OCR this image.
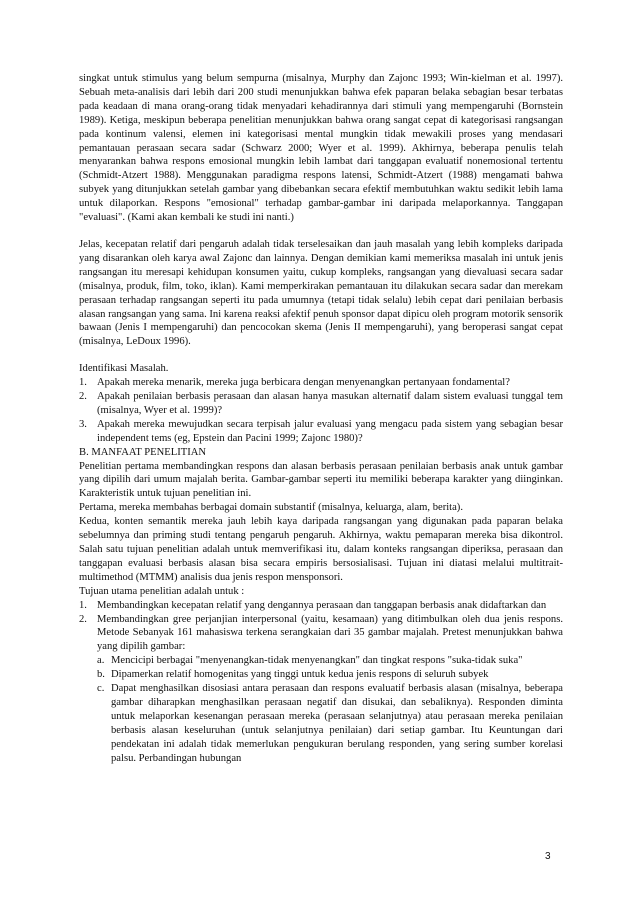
singkat untuk stimulus yang belum sempurna (misalnya, Murphy dan Zajonc 1993; Win-kielman et al. 1997). Sebuah meta-analisis dari lebih dari 200 studi menunjukkan bahwa efek paparan belaka sebagian besar terbatas pada keadaan di mana orang-orang tidak menyadari kehadirannya dari stimuli yang mempengaruhi (Bornstein 1989). Ketiga, meskipun beberapa penelitian menunjukkan bahwa orang sangat cepat di kategorisasi rangsangan pada kontinum valensi, elemen ini kategorisasi mental mungkin tidak mewakili proses yang mendasari pemantauan perasaan secara sadar (Schwarz 2000; Wyer et al. 1999). Akhirnya, beberapa penulis telah menyarankan bahwa respons emosional mungkin lebih lambat dari tanggapan evaluatif nonemosional tertentu (Schmidt-Atzert 1988). Menggunakan paradigma respons latensi, Schmidt-Atzert (1988) mengamati bahwa subyek yang ditunjukkan setelah gambar yang dibebankan secara efektif membutuhkan waktu sedikit lebih lama untuk dilaporkan. Respons "emosional" terhadap gambar-gambar ini daripada melaporkannya. Tanggapan "evaluasi". (Kami akan kembali ke studi ini nanti.)

Jelas, kecepatan relatif dari pengaruh adalah tidak terselesaikan dan jauh masalah yang lebih kompleks daripada yang disarankan oleh karya awal Zajonc dan lainnya. Dengan demikian kami memeriksa masalah ini untuk jenis rangsangan itu meresapi kehidupan konsumen yaitu, cukup kompleks, rangsangan yang dievaluasi secara sadar (misalnya, produk, film, toko, iklan). Kami memperkirakan pemantauan itu dilakukan secara sadar dan merekam perasaan terhadap rangsangan seperti itu pada umumnya (tetapi tidak selalu) lebih cepat dari penilaian berbasis alasan rangsangan yang sama. Ini karena reaksi afektif penuh sponsor dapat dipicu oleh program motorik sensorik bawaan (Jenis I mempengaruhi) dan pencocokan skema (Jenis II mempengaruhi), yang beroperasi sangat cepat (misalnya, LeDoux 1996).

Identifikasi Masalah.

1. Apakah mereka menarik, mereka juga berbicara dengan menyenangkan pertanyaan fondamental?
2. Apakah penilaian berbasis perasaan dan alasan hanya masukan alternatif dalam sistem evaluasi tunggal tem (misalnya, Wyer et al. 1999)?
3. Apakah mereka mewujudkan secara terpisah jalur evaluasi yang mengacu pada sistem yang sebagian besar independent tems (eg, Epstein dan Pacini 1999; Zajonc 1980)?

B. MANFAAT PENELITIAN

Penelitian pertama membandingkan respons dan alasan berbasis perasaan penilaian berbasis anak untuk gambar yang dipilih dari umum majalah berita. Gambar-gambar seperti itu memiliki beberapa karakter yang diinginkan. Karakteristik untuk tujuan penelitian ini.

Pertama, mereka membahas berbagai domain substantif (misalnya, keluarga, alam, berita).

Kedua, konten semantik mereka jauh lebih kaya daripada rangsangan yang digunakan pada paparan belaka sebelumnya dan priming studi tentang pengaruh pengaruh. Akhirnya, waktu pemaparan mereka bisa dikontrol. Salah satu tujuan penelitian adalah untuk memverifikasi itu, dalam konteks rangsangan diperiksa, perasaan dan tanggapan evaluasi berbasis alasan bisa secara empiris bersosialisasi. Tujuan ini diatasi melalui multitrait-multimethod (MTMM) analisis dua jenis respon mensponsori.

Tujuan utama penelitian adalah untuk :

1. Membandingkan kecepatan relatif yang dengannya perasaan dan tanggapan berbasis anak didaftarkan dan
2. Membandingkan gree perjanjian interpersonal (yaitu, kesamaan) yang ditimbulkan oleh dua jenis respons. Metode Sebanyak 161 mahasiswa terkena serangkaian dari 35 gambar majalah. Pretest menunjukkan bahwa yang dipilih gambar:
a. Mencicipi berbagai "menyenangkan-tidak menyenangkan" dan tingkat respons "suka-tidak suka"
b. Dipamerkan relatif homogenitas yang tinggi untuk kedua jenis respons di seluruh subyek
c. Dapat menghasilkan disosiasi antara perasaan dan respons evaluatif berbasis alasan (misalnya, beberapa gambar diharapkan menghasilkan perasaan negatif dan disukai, dan sebaliknya). Responden diminta untuk melaporkan kesenangan perasaan mereka (perasaan selanjutnya) atau perasaan mereka penilaian berbasis alasan keseluruhan (untuk selanjutnya penilaian) dari setiap gambar. Itu Keuntungan dari pendekatan ini adalah tidak memerlukan pengukuran berulang responden, yang sering sumber korelasi palsu. Perbandingan hubungan
3
